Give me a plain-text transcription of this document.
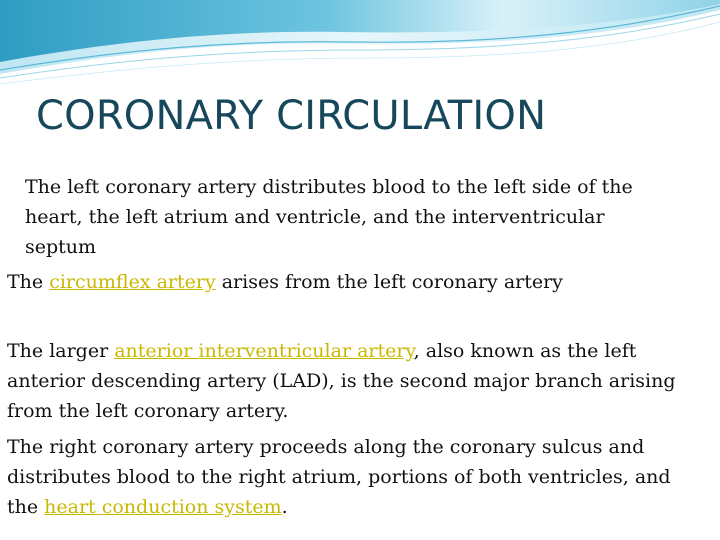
CORONARY CIRCULATION

The left coronary artery distributes blood to the left side of the heart, the left atrium and ventricle, and the interventricular septum

The circumflex artery arises from the left coronary artery

The larger anterior interventricular artery, also known as the left anterior descending artery (LAD), is the second major branch arising from the left coronary artery.

The right coronary artery proceeds along the coronary sulcus and distributes blood to the right atrium, portions of both ventricles, and the heart conduction system.
